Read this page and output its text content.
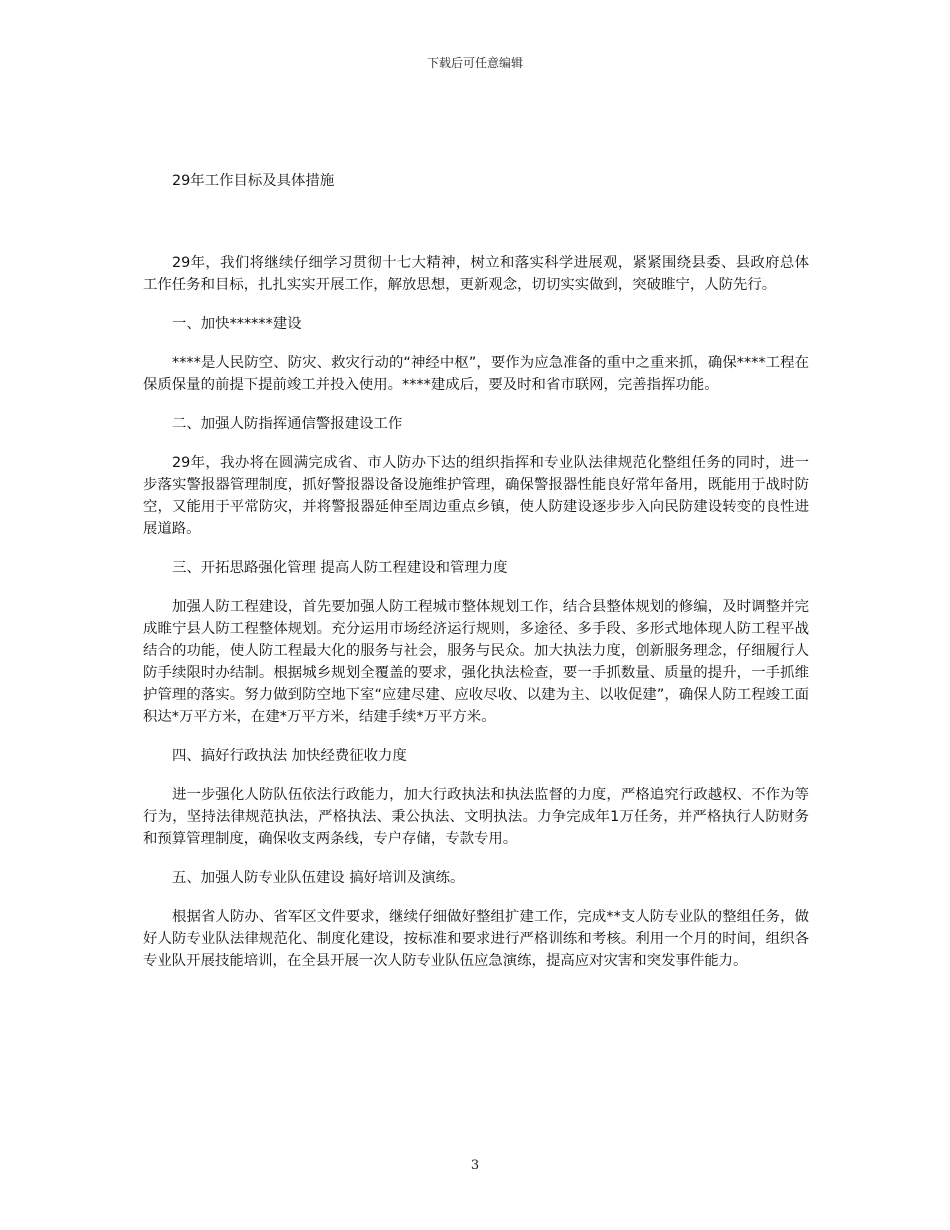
下载后可任意编辑
29年工作目标及具体措施

29年，我们将继续仔细学习贯彻十七大精神，树立和落实科学进展观，紧紧围绕县委、县政府总体工作任务和目标，扎扎实实开展工作，解放思想，更新观念，切切实实做到，突破睢宁，人防先行。

一、加快******建设

****是人民防空、防灾、救灾行动的“神经中枢”，要作为应急准备的重中之重来抓，确保****工程在保质保量的前提下提前竣工并投入使用。****建成后，要及时和省市联网，完善指挥功能。

二、加强人防指挥通信警报建设工作

29年，我办将在圆满完成省、市人防办下达的组织指挥和专业队法律规范化整组任务的同时，进一步落实警报器管理制度，抓好警报器设备设施维护管理，确保警报器性能良好常年备用，既能用于战时防空，又能用于平常防灾，并将警报器延伸至周边重点乡镇，使人防建设逐步步入向民防建设转变的良性进展道路。

三、开拓思路强化管理 提高人防工程建设和管理力度

加强人防工程建设，首先要加强人防工程城市整体规划工作，结合县整体规划的修编，及时调整并完成睢宁县人防工程整体规划。充分运用市场经济运行规则，多途径、多手段、多形式地体现人防工程平战结合的功能，使人防工程最大化的服务与社会，服务与民众。加大执法力度，创新服务理念，仔细履行人防手续限时办结制。根据城乡规划全覆盖的要求，强化执法检查，要一手抓数量、质量的提升，一手抓维护管理的落实。努力做到防空地下室“应建尽建、应收尽收、以建为主、以收促建”，确保人防工程竣工面积达*万平方米，在建*万平方米，结建手续*万平方米。

四、搞好行政执法 加快经费征收力度

进一步强化人防队伍依法行政能力，加大行政执法和执法监督的力度，严格追究行政越权、不作为等行为，坚持法律规范执法，严格执法、秉公执法、文明执法。力争完成年1万任务，并严格执行人防财务和预算管理制度，确保收支两条线，专户存储，专款专用。

五、加强人防专业队伍建设 搞好培训及演练。

根据省人防办、省军区文件要求，继续仔细做好整组扩建工作，完成**支人防专业队的整组任务，做好人防专业队法律规范化、制度化建设，按标准和要求进行严格训练和考核。利用一个月的时间，组织各专业队开展技能培训，在全县开展一次人防专业队伍应急演练，提高应对灾害和突发事件能力。

3
